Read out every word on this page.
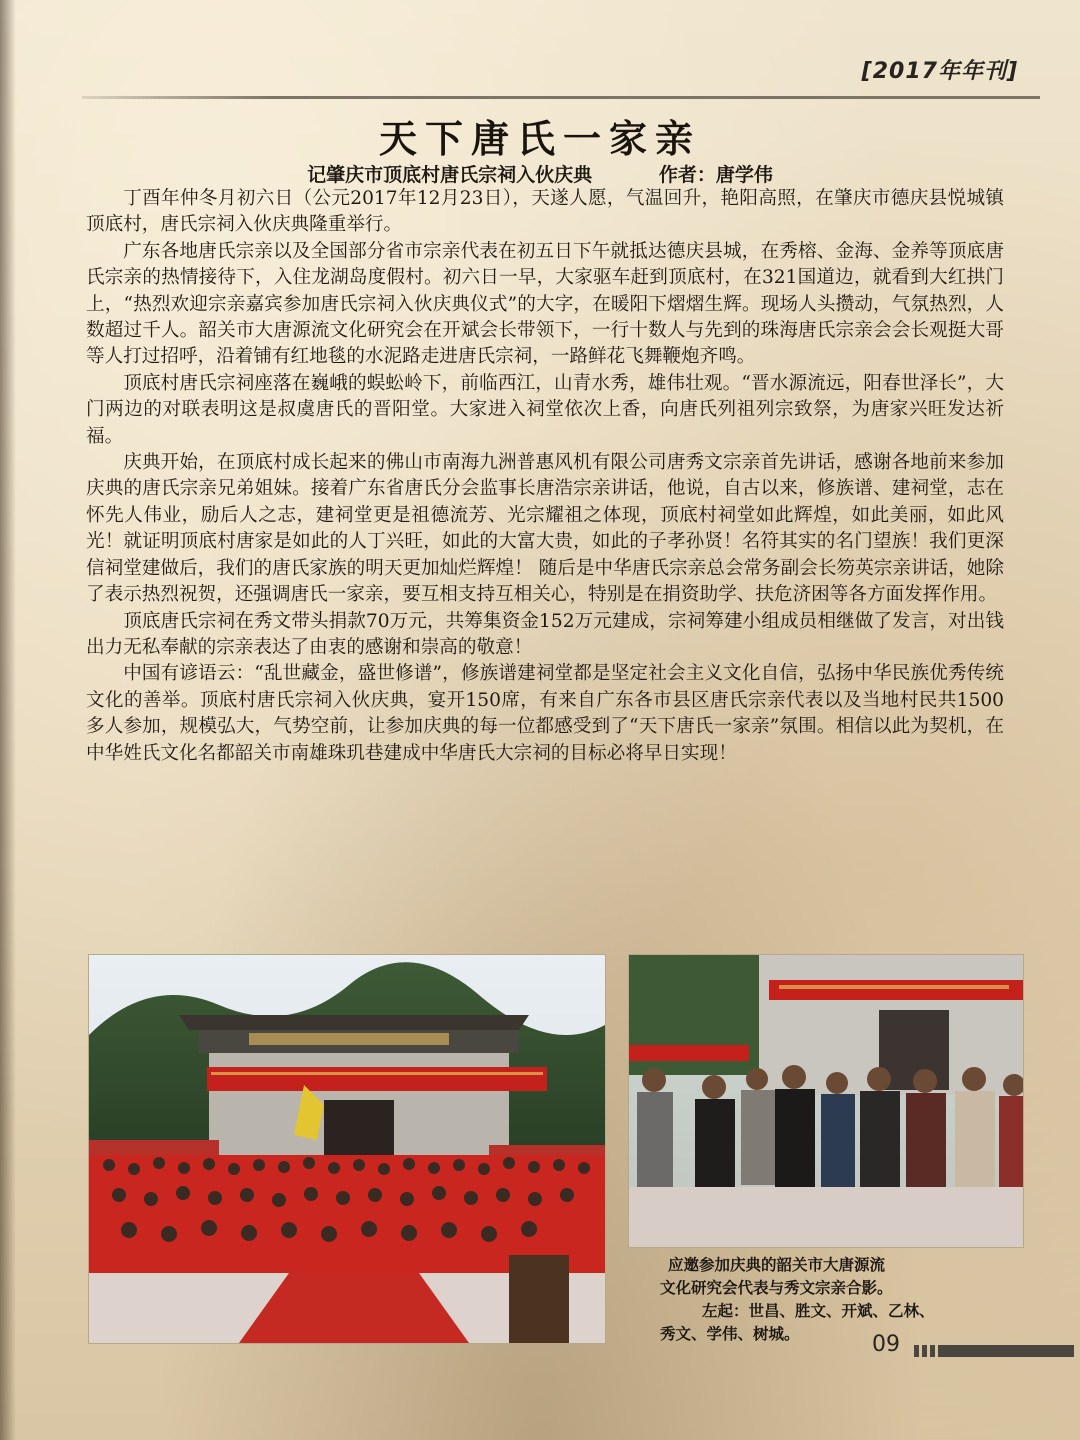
[2017年年刊]
天下唐氏一家亲
记肇庆市顶底村唐氏宗祠入伙庆典	作者：唐学伟

丁酉年仲冬月初六日（公元2017年12月23日），天遂人愿，气温回升，艳阳高照，在肇庆市德庆县悦城镇顶底村，唐氏宗祠入伙庆典隆重举行。

广东各地唐氏宗亲以及全国部分省市宗亲代表在初五日下午就抵达德庆县城，在秀榕、金海、金养等顶底唐氏宗亲的热情接待下，入住龙湖岛度假村。初六日一早，大家驱车赶到顶底村，在321国道边，就看到大红拱门上，“热烈欢迎宗亲嘉宾参加唐氏宗祠入伙庆典仪式”的大字，在暖阳下熠熠生辉。现场人头攒动，气氛热烈，人数超过千人。韶关市大唐源流文化研究会在开斌会长带领下，一行十数人与先到的珠海唐氏宗亲会会长观挺大哥等人打过招呼，沿着铺有红地毯的水泥路走进唐氏宗祠，一路鲜花飞舞鞭炮齐鸣。

顶底村唐氏宗祠座落在巍峨的蜈蚣岭下，前临西江，山青水秀，雄伟壮观。“晋水源流远，阳春世泽长”，大门两边的对联表明这是叔虞唐氏的晋阳堂。大家进入祠堂依次上香，向唐氏列祖列宗致祭，为唐家兴旺发达祈福。

庆典开始，在顶底村成长起来的佛山市南海九洲普惠风机有限公司唐秀文宗亲首先讲话，感谢各地前来参加庆典的唐氏宗亲兄弟姐妹。接着广东省唐氏分会监事长唐浩宗亲讲话，他说，自古以来，修族谱、建祠堂，志在怀先人伟业，励后人之志，建祠堂更是祖德流芳、光宗耀祖之体现，顶底村祠堂如此辉煌，如此美丽，如此风光！就证明顶底村唐家是如此的人丁兴旺，如此的大富大贵，如此的子孝孙贤！名符其实的名门望族！我们更深信祠堂建做后，我们的唐氏家族的明天更加灿烂辉煌！ 随后是中华唐氏宗亲总会常务副会长笏英宗亲讲话，她除了表示热烈祝贺，还强调唐氏一家亲，要互相支持互相关心，特别是在捐资助学、扶危济困等各方面发挥作用。

顶底唐氏宗祠在秀文带头捐款70万元，共筹集资金152万元建成，宗祠筹建小组成员相继做了发言，对出钱出力无私奉献的宗亲表达了由衷的感谢和崇高的敬意！

中国有谚语云：“乱世藏金，盛世修谱”，修族谱建祠堂都是坚定社会主义文化自信，弘扬中华民族优秀传统文化的善举。顶底村唐氏宗祠入伙庆典，宴开150席，有来自广东各市县区唐氏宗亲代表以及当地村民共1500多人参加，规模弘大，气势空前，让参加庆典的每一位都感受到了“天下唐氏一家亲”氛围。相信以此为契机，在中华姓氏文化名都韶关市南雄珠玑巷建成中华唐氏大宗祠的目标必将早日实现！

应邀参加庆典的韶关市大唐源流
文化研究会代表与秀文宗亲合影。
左起：世昌、胜文、开斌、乙林、
秀文、学伟、树城。	09
